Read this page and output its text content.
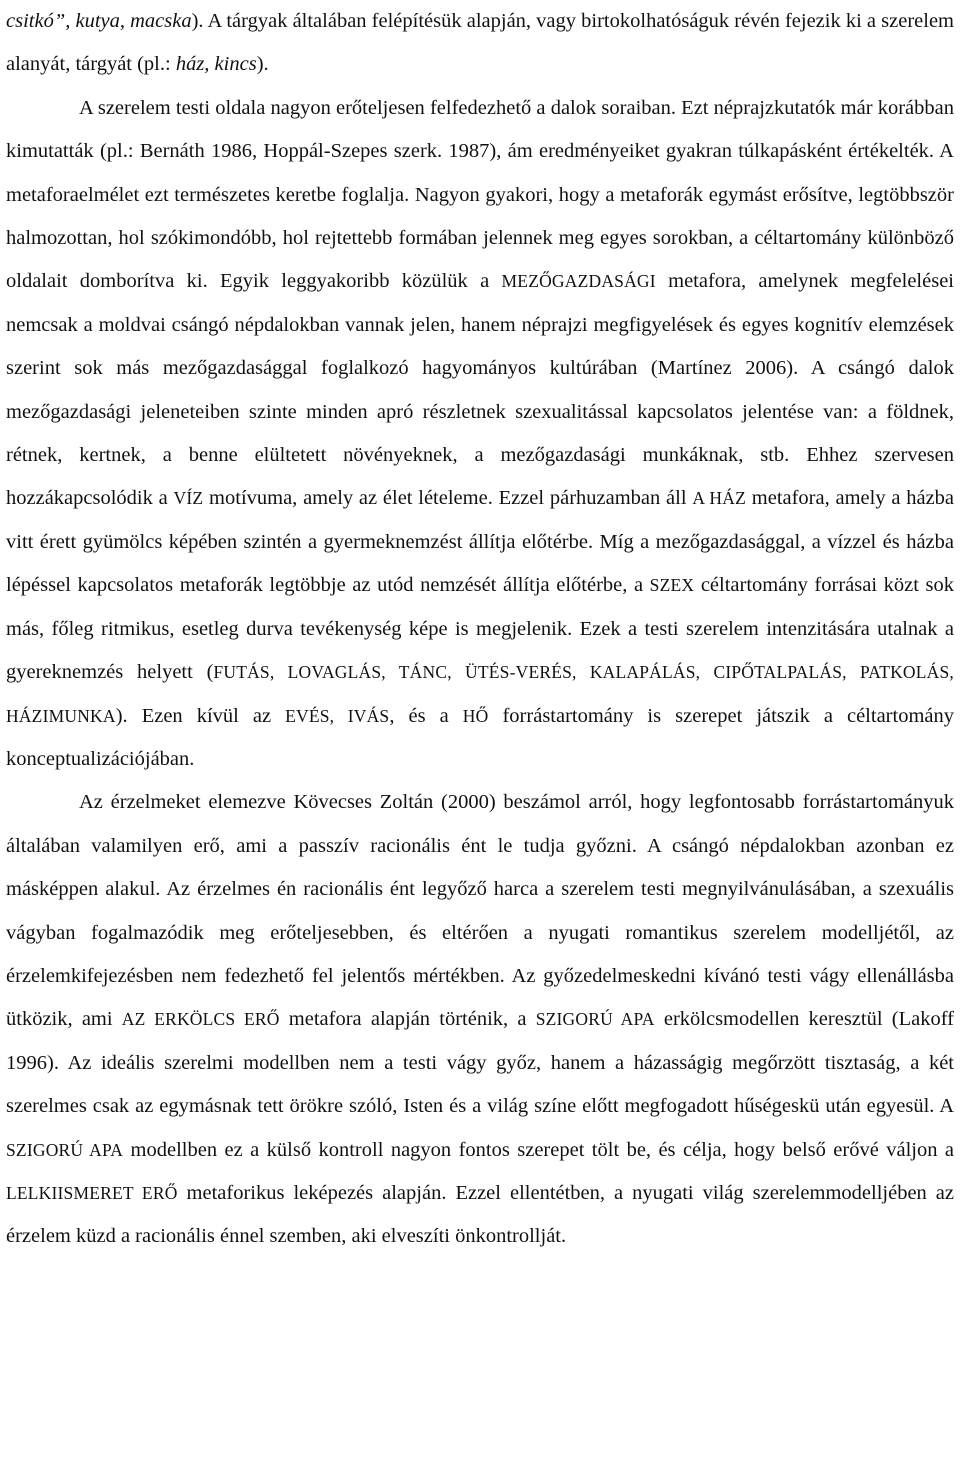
csitkó”, kutya, macska). A tárgyak általában felépítésük alapján, vagy birtokolhatóságuk révén fejezik ki a szerelem alanyát, tárgyát (pl.: ház, kincs).

A szerelem testi oldala nagyon erőteljesen felfedezhető a dalok soraiban. Ezt néprajzkutatók már korábban kimutatták (pl.: Bernáth 1986, Hoppál-Szepes szerk. 1987), ám eredményeiket gyakran túlkapásként értékelték. A metaforaelmélet ezt természetes keretbe foglalja. Nagyon gyakori, hogy a metaforák egymást erősítve, legtöbbször halmozottan, hol szókimondóbb, hol rejtettebb formában jelennek meg egyes sorokban, a céltartomány különböző oldalait domborítva ki. Egyik leggyakoribb közülük a MEZŐGAZDASÁGI metafora, amelynek megfelelései nemcsak a moldvai csángó népdalokban vannak jelen, hanem néprajzi megfigyelések és egyes kognitív elemzések szerint sok más mezőgazdasággal foglalkozó hagyományos kultúrában (Martínez 2006). A csángó dalok mezőgazdasági jeleneteiben szinte minden apró részletnek szexualitással kapcsolatos jelentése van: a földnek, rétnek, kertnek, a benne elültetett növényeknek, a mezőgazdasági munkáknak, stb. Ehhez szervesen hozzákapcsolódik a VÍZ motívuma, amely az élet lételeme. Ezzel párhuzamban áll A HÁZ metafora, amely a házba vitt érett gyümölcs képében szintén a gyermeknemzést állítja előtérbe. Míg a mezőgazdasággal, a vízzel és házba lépéssel kapcsolatos metaforák legtöbbje az utód nemzését állítja előtérbe, a SZEX céltartomány forrásai közt sok más, főleg ritmikus, esetleg durva tevékenység képe is megjelenik. Ezek a testi szerelem intenzitására utalnak a gyereknemzés helyett (FUTÁS, LOVAGLÁS, TÁNC, ÜTÉS-VERÉS, KALAPÁLÁS, CIPŐTALPALÁS, PATKOLÁS, HÁZIMUNKA). Ezen kívül az EVÉS, IVÁS, és a HŐ forrástartomány is szerepet játszik a céltartomány konceptualizációjában.

Az érzelmeket elemezve Kövecses Zoltán (2000) beszámol arról, hogy legfontosabb forrástartományuk általában valamilyen erő, ami a passzív racionális ént le tudja győzni. A csángó népdalokban azonban ez másképpen alakul. Az érzelmes én racionális ént legyőző harca a szerelem testi megnyilvánulásában, a szexuális vágyban fogalmazódik meg erőteljesebben, és eltérően a nyugati romantikus szerelem modelljétől, az érzelemkifejezésben nem fedezhető fel jelentős mértékben. Az győzedelmeskedni kívánó testi vágy ellenállásba ütközik, ami AZ ERKÖLCS ERŐ metafora alapján történik, a SZIGORÚ APA erkölcsmodellen keresztül (Lakoff 1996). Az ideális szerelmi modellben nem a testi vágy győz, hanem a házasságig megőrzött tisztaság, a két szerelmes csak az egymásnak tett örökre szóló, Isten és a világ színe előtt megfogadott hűségeskü után egyesül. A SZIGORÚ APA modellben ez a külső kontroll nagyon fontos szerepet tölt be, és célja, hogy belső erővé váljon a LELKIISMERET ERŐ metaforikus leképezés alapján. Ezzel ellentétben, a nyugati világ szerelemmodelljében az érzelem küzd a racionális énnel szemben, aki elveszíti önkontrollját.
